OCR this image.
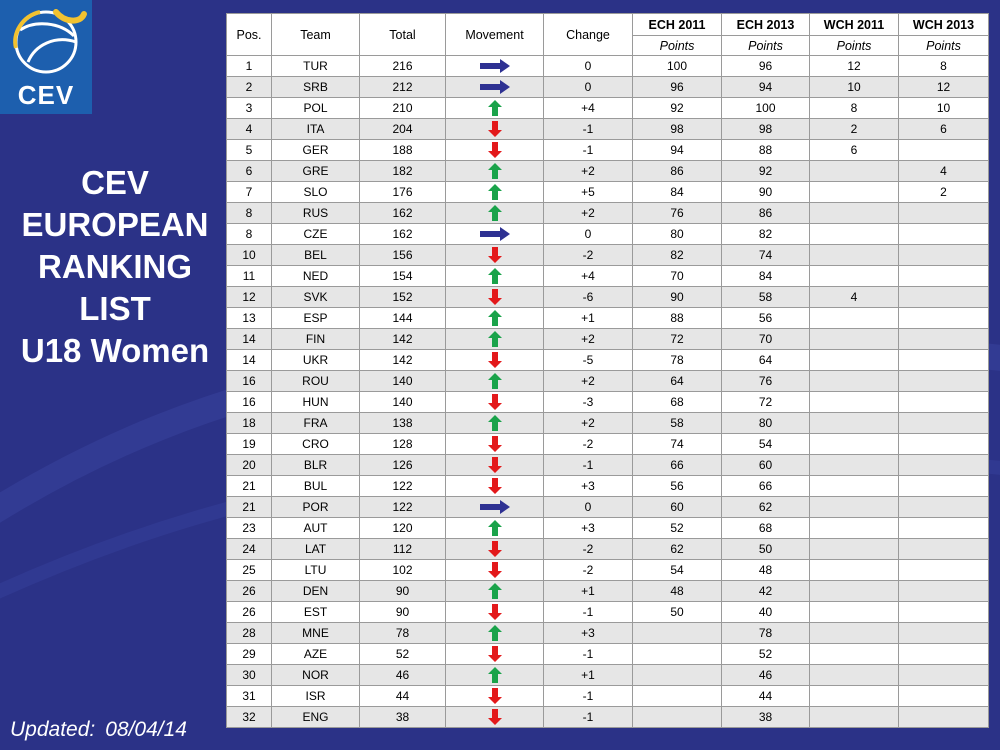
CEV
CEV
EUROPEAN
RANKING
LIST
U18 Women
Updated: 08/04/14
Pos.	Team	Total	Movement	Change	ECH 2011	ECH 2013	WCH 2011	WCH 2013
					Points	Points	Points	Points
1	TUR	216		0	100	96	12	8
2	SRB	212		0	96	94	10	12
3	POL	210		+4	92	100	8	10
4	ITA	204		-1	98	98	2	6
5	GER	188		-1	94	88	6	
6	GRE	182		+2	86	92		4
7	SLO	176		+5	84	90		2
8	RUS	162		+2	76	86		
8	CZE	162		0	80	82		
10	BEL	156		-2	82	74		
11	NED	154		+4	70	84		
12	SVK	152		-6	90	58	4	
13	ESP	144		+1	88	56		
14	FIN	142		+2	72	70		
14	UKR	142		-5	78	64		
16	ROU	140		+2	64	76		
16	HUN	140		-3	68	72		
18	FRA	138		+2	58	80		
19	CRO	128		-2	74	54		
20	BLR	126		-1	66	60		
21	BUL	122		+3	56	66		
21	POR	122		0	60	62		
23	AUT	120		+3	52	68		
24	LAT	112		-2	62	50		
25	LTU	102		-2	54	48		
26	DEN	90		+1	48	42		
26	EST	90		-1	50	40		
28	MNE	78		+3		78		
29	AZE	52		-1		52		
30	NOR	46		+1		46		
31	ISR	44		-1		44		
32	ENG	38		-1		38		
